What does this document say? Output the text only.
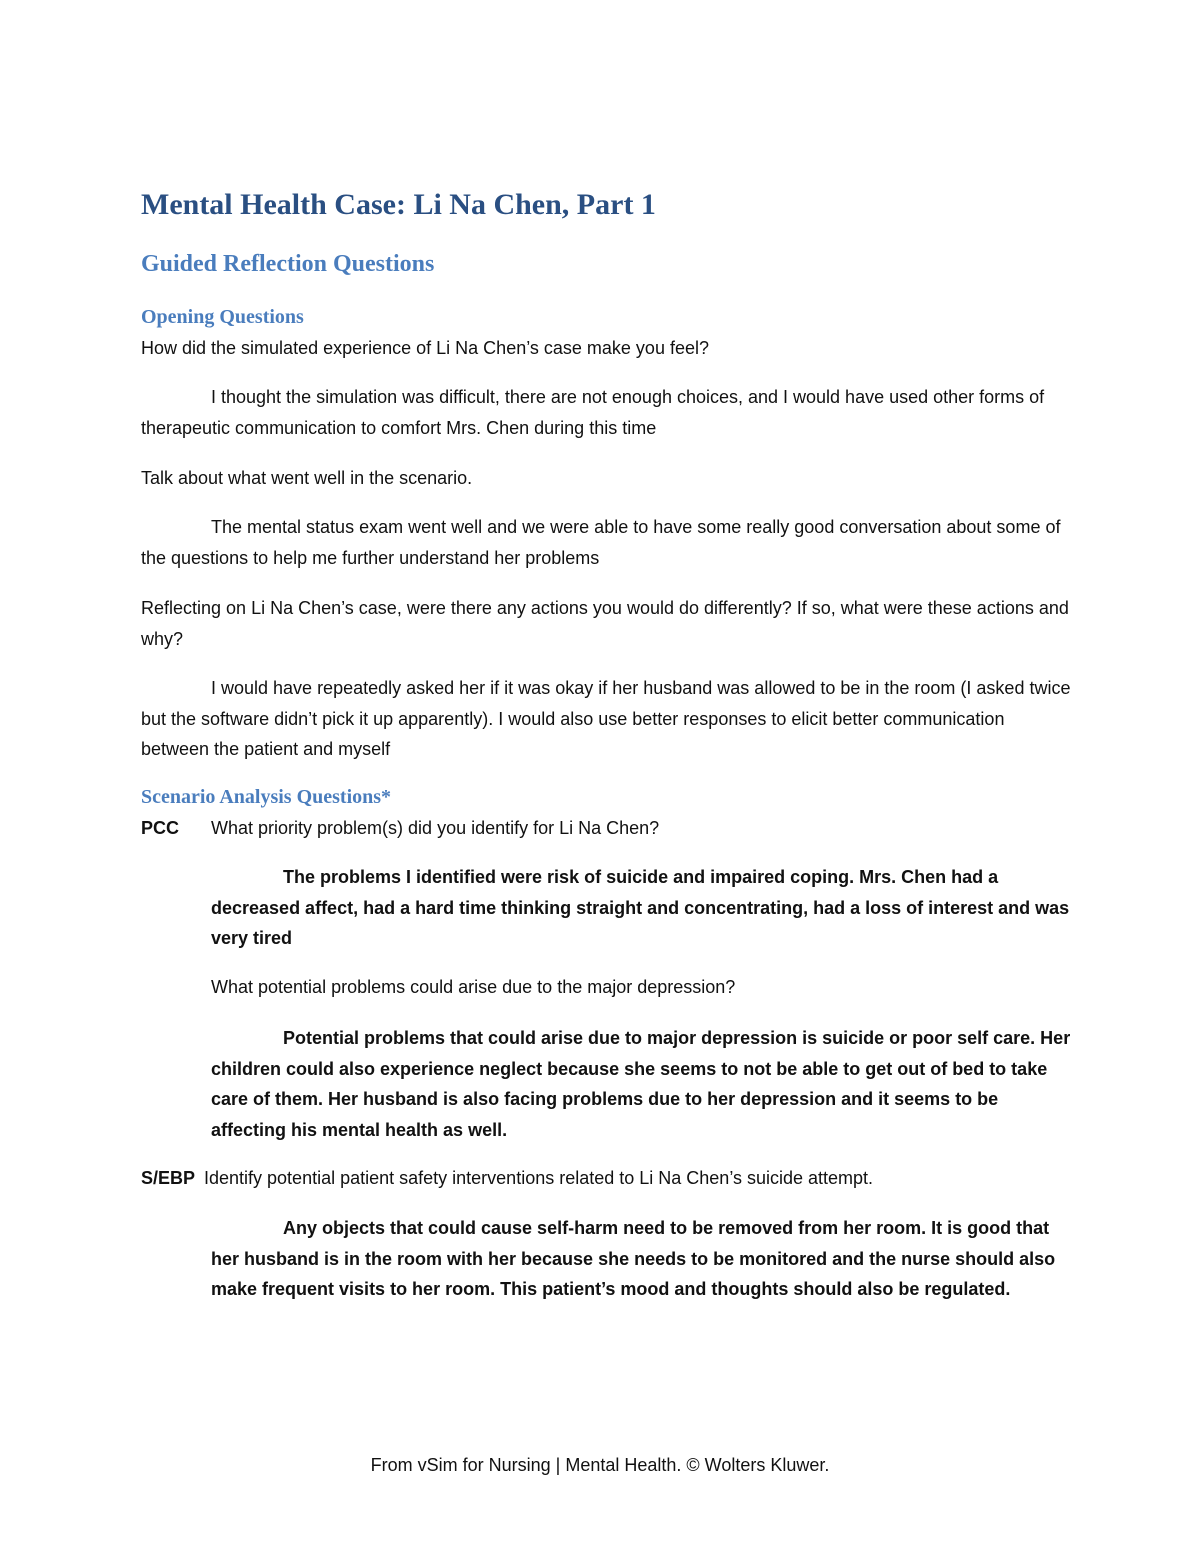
Mental Health Case: Li Na Chen, Part 1
Guided Reflection Questions
Opening Questions

How did the simulated experience of Li Na Chen’s case make you feel?

I thought the simulation was difficult, there are not enough choices, and I would have used other forms of therapeutic communication to comfort Mrs. Chen during this time

Talk about what went well in the scenario.

The mental status exam went well and we were able to have some really good conversation about some of the questions to help me further understand her problems

Reflecting on Li Na Chen’s case, were there any actions you would do differently? If so, what were these actions and why?

I would have repeatedly asked her if it was okay if her husband was allowed to be in the room (I asked twice but the software didn’t pick it up apparently). I would also use better responses to elicit better communication between the patient and myself

Scenario Analysis Questions*
PCC What priority problem(s) did you identify for Li Na Chen?

The problems I identified were risk of suicide and impaired coping. Mrs. Chen had a decreased affect, had a hard time thinking straight and concentrating, had a loss of interest and was very tired

What potential problems could arise due to the major depression?

Potential problems that could arise due to major depression is suicide or poor self care. Her children could also experience neglect because she seems to not be able to get out of bed to take care of them. Her husband is also facing problems due to her depression and it seems to be affecting his mental health as well.

S/EBP Identify potential patient safety interventions related to Li Na Chen’s suicide attempt.

Any objects that could cause self-harm need to be removed from her room. It is good that her husband is in the room with her because she needs to be monitored and the nurse should also make frequent visits to her room. This patient’s mood and thoughts should also be regulated.

From vSim for Nursing | Mental Health. © Wolters Kluwer.
